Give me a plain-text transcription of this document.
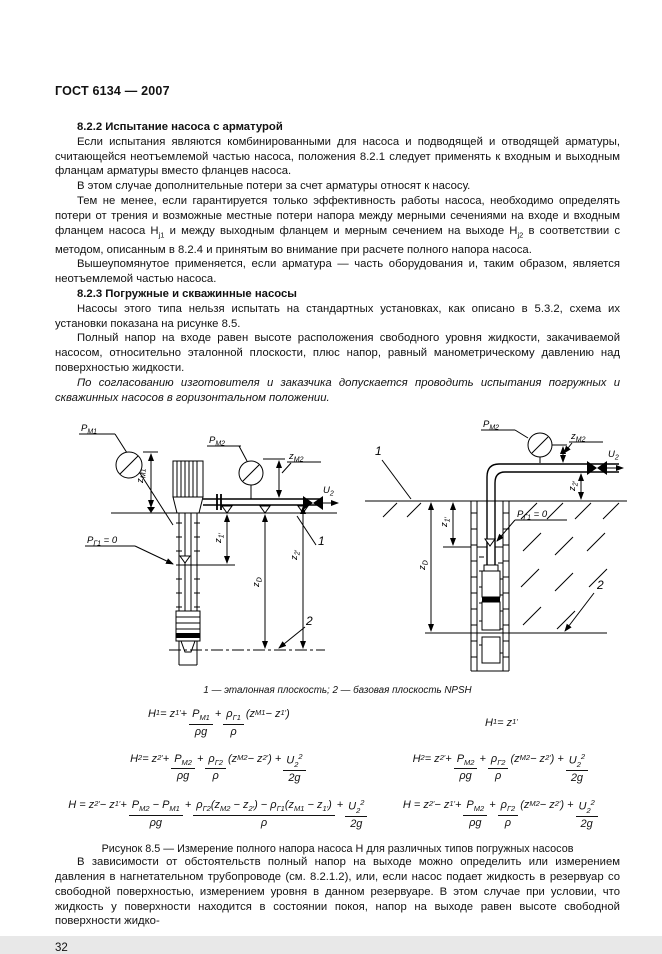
ГОСТ 6134 — 2007

8.2.2 Испытание насоса с арматурой

Если испытания являются комбинированными для насоса и подводящей и отводящей арматуры, считающейся неотъемлемой частью насоса, положения 8.2.1 следует применять к входным и выходным фланцам арматуры вместо фланцев насоса.

В этом случае дополнительные потери за счет арматуры относят к насосу.

Тем не менее, если гарантируется только эффективность работы насоса, необходимо определять потери от трения и возможные местные потери напора между мерными сечениями на входе и входным фланцем насоса $H_{j1}$ и между выходным фланцем и мерным сечением на выходе $H_{j2}$ в соответствии с методом, описанным в 8.2.4 и принятым во внимание при расчете полного напора насоса.

Вышеупомянутое применяется, если арматура — часть оборудования и, таким образом, является неотъемлемой частью насоса.

8.2.3 Погружные и скважинные насосы

Насосы этого типа нельзя испытать на стандартных установках, как описано в 5.3.2, схема их установки показана на рисунке 8.5.

Полный напор на входе равен высоте расположения свободного уровня жидкости, закачиваемой насосом, относительно эталонной плоскости, плюс напор, равный манометрическому давлению над поверхностью жидкости.

По согласованию изготовителя и заказчика допускается проводить испытания погружных и скважинных насосов в горизонтальном положении.

$P_{М1}$
$P_{М2}$
$z_{М2}$
$P_{Г1} = 0$
$U_2$
$z_{М1}$
$z_{1'}$
$z_{2'}$
$z_D$
1
2
$P_{М2}$
$z_{М2}$
$P_{Г1} = 0$
$U_2$
$z_{2'}$
$z_{1'}$
$z_D$
1
2
1 — эталонная плоскость; 2 — базовая плоскость NPSH
H 1 = z $1' + \frac{P_{М1}}{\rho g} + \frac{\rho_{Г1}}{\rho} (z$ М1 − z 1′ )
H 1 = z 1′
H 2 = z $2' + \frac{P_{М2}}{\rho g} + \frac{\rho_{Г2}}{\rho} (z$ М2 − z 2′ ) + $\frac{U_2^2}{2g}$	H 2 = z $2' + \frac{P_{М2}}{\rho g} + \frac{\rho_{Г2}}{\rho} (z$ М2 − z 2′ ) + $\frac{U_2^2}{2g}$
H = z 2′ − z $1' + \frac{P_{М2} - P_{М1}}{\rho g} + \frac{\rho_{Г2}(z_{М2} - z_{2'}) - \rho_{Г1}(z_{М1} - z_{1'})}{\rho} + \frac{U_2^2}{2g}$	H = z 2′ − z $1' + \frac{P_{М2}}{\rho g} + \frac{\rho_{Г2}}{\rho} (z$ М2 − z 2′ ) + $\frac{U_2^2}{2g}$
Рисунок 8.5 — Измерение полного напора насоса H для различных типов погружных насосов

В зависимости от обстоятельств полный напор на выходе можно определить или измерением давления в нагнетательном трубопроводе (см. 8.2.1.2), или, если насос подает жидкость в резервуар со свободной поверхностью, измерением уровня в данном резервуаре. В этом случае при условии, что жидкость у поверхности находится в состоянии покоя, напор на выходе равен высоте свободной поверхности жидко-

32
